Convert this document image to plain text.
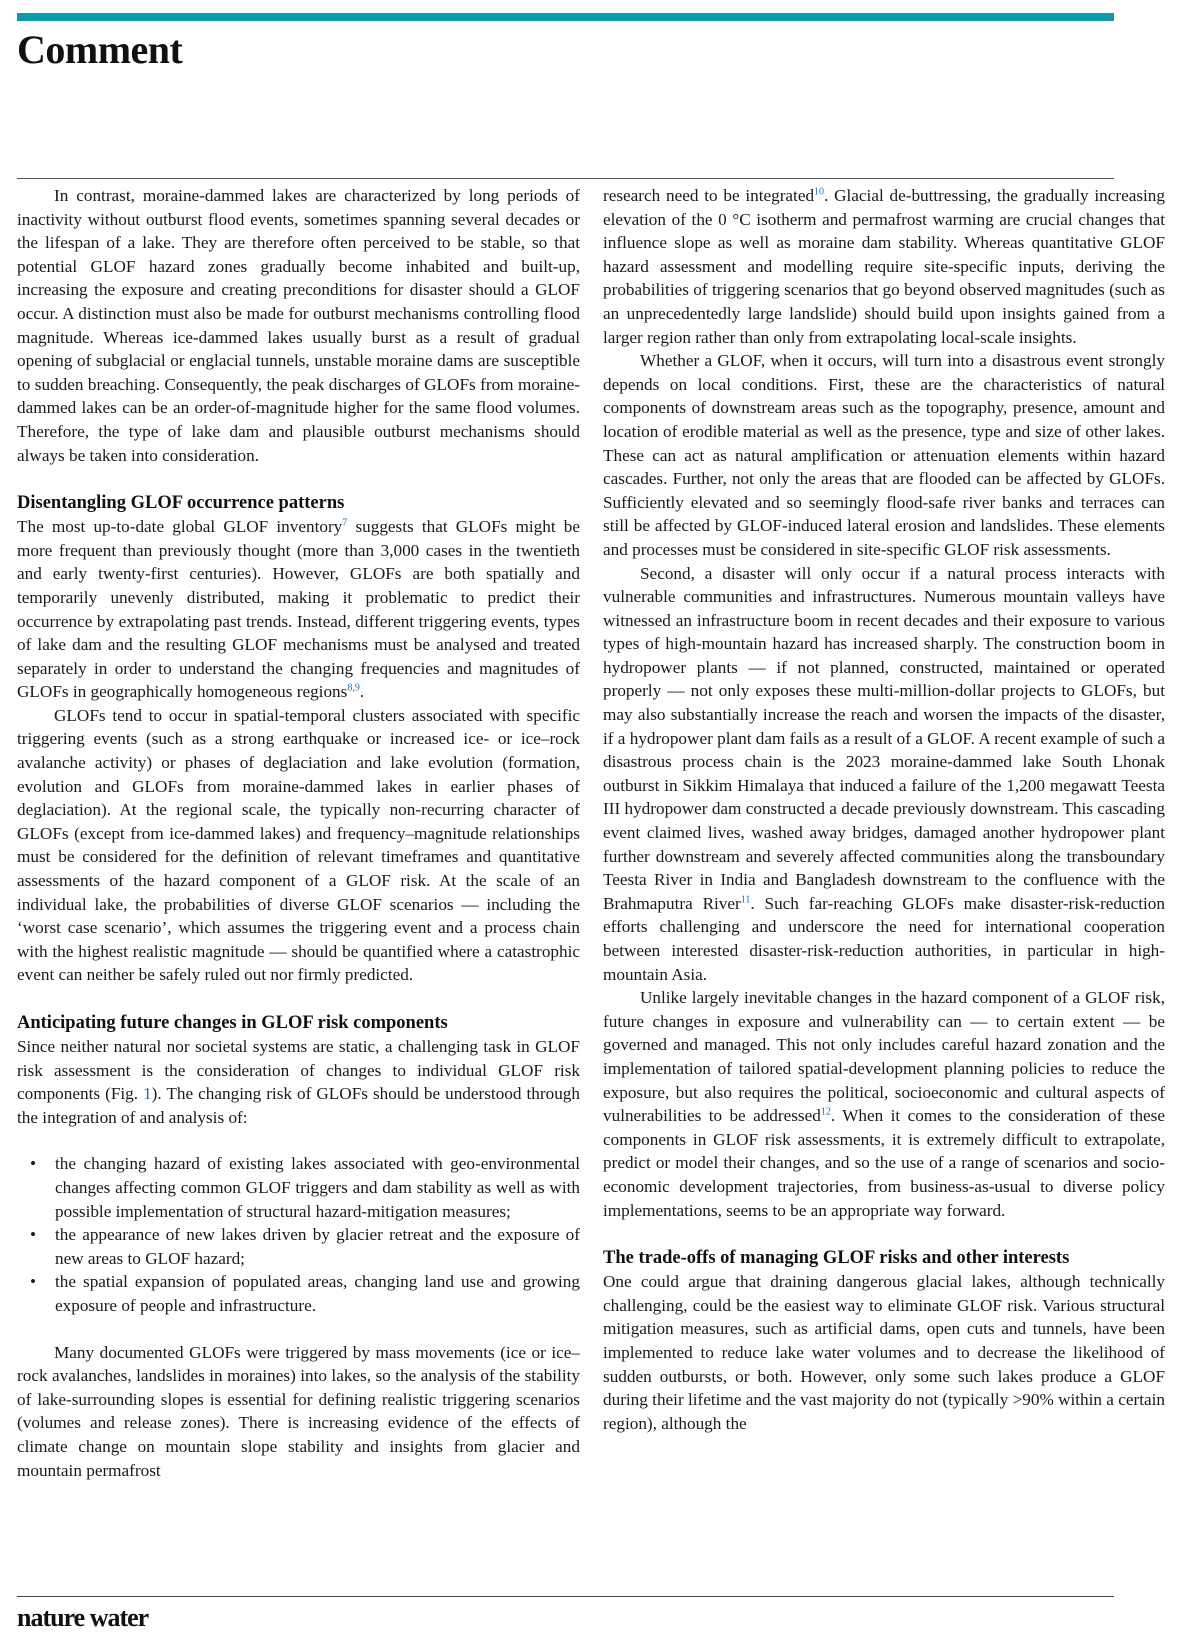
Comment

In contrast, moraine-dammed lakes are characterized by long periods of inactivity without outburst flood events, sometimes spanning several decades or the lifespan of a lake. They are therefore often perceived to be stable, so that potential GLOF hazard zones gradually become inhabited and built-up, increasing the exposure and creating preconditions for disaster should a GLOF occur. A distinction must also be made for outburst mechanisms controlling flood magnitude. Whereas ice-dammed lakes usually burst as a result of gradual opening of subglacial or englacial tunnels, unstable moraine dams are susceptible to sudden breaching. Consequently, the peak discharges of GLOFs from moraine-dammed lakes can be an order-of-magnitude higher for the same flood volumes. Therefore, the type of lake dam and plausible outburst mechanisms should always be taken into consideration.

Disentangling GLOF occurrence patterns

The most up-to-date global GLOF inventory$^7$ suggests that GLOFs might be more frequent than previously thought (more than 3,000 cases in the twentieth and early twenty-first centuries). However, GLOFs are both spatially and temporarily unevenly distributed, making it problematic to predict their occurrence by extrapolating past trends. Instead, different triggering events, types of lake dam and the resulting GLOF mechanisms must be analysed and treated separately in order to understand the changing frequencies and magnitudes of GLOFs in geographically homogeneous regions$^{8,9}$.

GLOFs tend to occur in spatial-temporal clusters associated with specific triggering events (such as a strong earthquake or increased ice- or ice–rock avalanche activity) or phases of deglaciation and lake evolution (formation, evolution and GLOFs from moraine-dammed lakes in earlier phases of deglaciation). At the regional scale, the typically non-recurring character of GLOFs (except from ice-dammed lakes) and frequency–magnitude relationships must be considered for the definition of relevant timeframes and quantitative assessments of the hazard component of a GLOF risk. At the scale of an individual lake, the probabilities of diverse GLOF scenarios — including the ‘worst case scenario’, which assumes the triggering event and a process chain with the highest realistic magnitude — should be quantified where a catastrophic event can neither be safely ruled out nor firmly predicted.

Anticipating future changes in GLOF risk components

Since neither natural nor societal systems are static, a challenging task in GLOF risk assessment is the consideration of changes to individual GLOF risk components (Fig. 1). The changing risk of GLOFs should be understood through the integration of and analysis of:

• the changing hazard of existing lakes associated with geo-environmental changes affecting common GLOF triggers and dam stability as well as with possible implementation of structural hazard-mitigation measures;
• the appearance of new lakes driven by glacier retreat and the exposure of new areas to GLOF hazard;
• the spatial expansion of populated areas, changing land use and growing exposure of people and infrastructure.

Many documented GLOFs were triggered by mass movements (ice or ice–rock avalanches, landslides in moraines) into lakes, so the analysis of the stability of lake-surrounding slopes is essential for defining realistic triggering scenarios (volumes and release zones). There is increasing evidence of the effects of climate change on mountain slope stability and insights from glacier and mountain permafrost

research need to be integrated$^{10}$. Glacial de-buttressing, the gradually increasing elevation of the 0 °C isotherm and permafrost warming are crucial changes that influence slope as well as moraine dam stability. Whereas quantitative GLOF hazard assessment and modelling require site-specific inputs, deriving the probabilities of triggering scenarios that go beyond observed magnitudes (such as an unprecedentedly large landslide) should build upon insights gained from a larger region rather than only from extrapolating local-scale insights.

Whether a GLOF, when it occurs, will turn into a disastrous event strongly depends on local conditions. First, these are the characteristics of natural components of downstream areas such as the topography, presence, amount and location of erodible material as well as the presence, type and size of other lakes. These can act as natural amplification or attenuation elements within hazard cascades. Further, not only the areas that are flooded can be affected by GLOFs. Sufficiently elevated and so seemingly flood-safe river banks and terraces can still be affected by GLOF-induced lateral erosion and landslides. These elements and processes must be considered in site-specific GLOF risk assessments.

Second, a disaster will only occur if a natural process interacts with vulnerable communities and infrastructures. Numerous mountain valleys have witnessed an infrastructure boom in recent decades and their exposure to various types of high-mountain hazard has increased sharply. The construction boom in hydropower plants — if not planned, constructed, maintained or operated properly — not only exposes these multi-million-dollar projects to GLOFs, but may also substantially increase the reach and worsen the impacts of the disaster, if a hydropower plant dam fails as a result of a GLOF. A recent example of such a disastrous process chain is the 2023 moraine-dammed lake South Lhonak outburst in Sikkim Himalaya that induced a failure of the 1,200 megawatt Teesta III hydropower dam constructed a decade previously downstream. This cascading event claimed lives, washed away bridges, damaged another hydropower plant further downstream and severely affected communities along the transboundary Teesta River in India and Bangladesh downstream to the confluence with the Brahmaputra River$^{11}$. Such far-reaching GLOFs make disaster-risk-reduction efforts challenging and underscore the need for international cooperation between interested disaster-risk-reduction authorities, in particular in high-mountain Asia.

Unlike largely inevitable changes in the hazard component of a GLOF risk, future changes in exposure and vulnerability can — to certain extent — be governed and managed. This not only includes careful hazard zonation and the implementation of tailored spatial-development planning policies to reduce the exposure, but also requires the political, socioeconomic and cultural aspects of vulnerabilities to be addressed$^{12}$. When it comes to the consideration of these components in GLOF risk assessments, it is extremely difficult to extrapolate, predict or model their changes, and so the use of a range of scenarios and socio-economic development trajectories, from business-as-usual to diverse policy implementations, seems to be an appropriate way forward.

The trade-offs of managing GLOF risks and other interests

One could argue that draining dangerous glacial lakes, although technically challenging, could be the easiest way to eliminate GLOF risk. Various structural mitigation measures, such as artificial dams, open cuts and tunnels, have been implemented to reduce lake water volumes and to decrease the likelihood of sudden outbursts, or both. However, only some such lakes produce a GLOF during their lifetime and the vast majority do not (typically >90% within a certain region), although the

nature water
